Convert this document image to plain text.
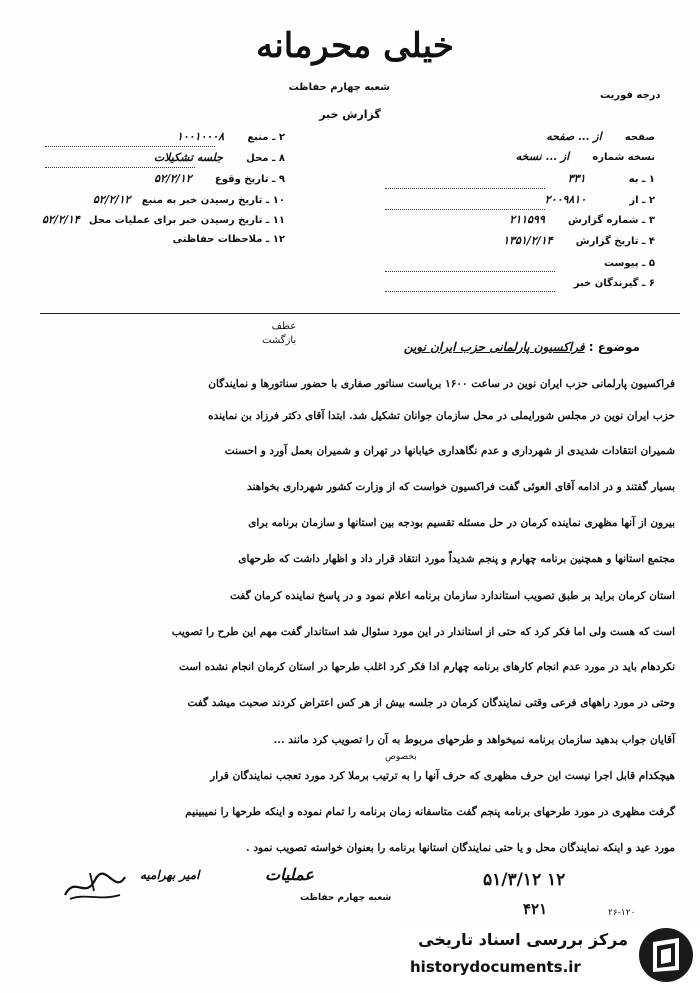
خیلی محرمانه
درجه فوریت
شعبه چهارم حفاظت
گزارش خبر
۲ ـ منبع ۱۰۰۱۰۰۰۸
۸ ـ محل جلسه تشکیلات
۹ ـ تاریخ وقوع ۵۲/۲/۱۲
۱۰ ـ تاریخ رسیدن خبر به منبع ۵۲/۲/۱۲
۱۱ ـ تاریخ رسیدن خبر برای عملیات محل ۵۲/۲/۱۴
۱۲ ـ ملاحظات حفاظتی
صفحه از ... صفحه
نسخه شماره از ... نسخه
۱ ـ به ۳۳۱
۲ ـ از ۲۰۰۹۸۱۰
۳ ـ شماره گزارش ۲۱۱۵۹۹
۴ ـ تاریخ گزارش ۱۳۵۱/۲/۱۴
۵ ـ پیوست
۶ ـ گیرندگان خبر
عطف
بازگشت	موضوع : فراکسیون پارلمانی حزب ایران نوین
فراکسیون پارلمانی حزب ایران نوین در ساعت ۱۶۰۰ بریاست سناتور صفاری با حضور سناتورها و نمایندگان
حزب ایران نوین در مجلس شورایملی در محل سازمان جوانان تشکیل شد. ابتدا آقای دکتر فرزاد بن نماینده
شمیران انتقادات شدیدی از شهرداری و عدم نگاهداری خیابانها در تهران و شمیران بعمل آورد و احسنت
بسیار گفتند و در ادامه آقای العوئی گفت فراکسیون خواست که از وزارت کشور شهرداری بخواهند
بیرون از آنها مظهری نماینده کرمان در حل مسئله تقسیم بودجه بین استانها و سازمان برنامه برای
مجتمع استانها و همچنین برنامه چهارم و پنجم شدیداً مورد انتقاد قرار داد و اظهار داشت که طرحهای
استان کرمان براید بر طبق تصویب استاندارد سازمان برنامه اعلام نمود و در پاسخ نماینده کرمان گفت
است که هست ولی اما فکر کرد که حتی از استاندار در این مورد سئوال شد استاندار گفت مهم این طرح را تصویب
نکردهام باید در مورد عدم انجام کارهای برنامه چهارم ادا فکر کرد اغلب طرحها در استان کرمان انجام نشده است
وحتی در مورد راههای فرعی وقتی نمایندگان کرمان در جلسه بیش از هر کس اعتراض کردند صحبت میشد گفت
آقایان جواب بدهید سازمان برنامه نمیخواهد و طرحهای مربوط به آن را تصویب کرد مانند ...
بخصوص
هیچکدام قابل اجرا نیست این حرف مظهری که حرف آنها را به ترتیب برملا کرد مورد تعجب نمایندگان قرار
گرفت مظهری در مورد طرحهای برنامه پنجم گفت متاسفانه زمان برنامه را تمام نموده و اینکه طرحها را نمیبینیم
مورد عید و اینکه نمایندگان محل و یا حتی نمایندگان استانها برنامه را بعنوان خواسته تصویب نمود .
امیر بهرامیه	عملیات
شعبه چهارم حفاظت
۵۱/۳/۱۲ ۱۲
۴۲۱	۲۶-۱۲۰
مرکز بررسی اسناد تاریخی
historydocuments.ir
